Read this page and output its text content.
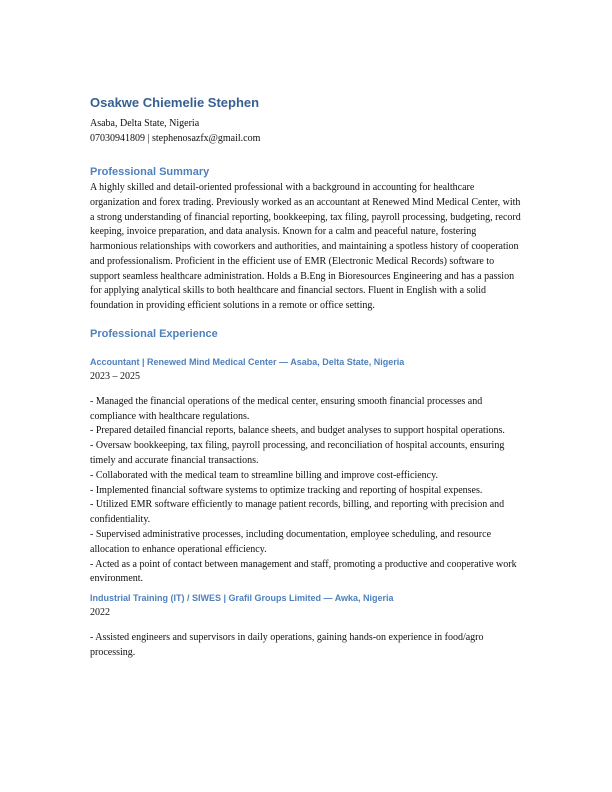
Osakwe Chiemelie Stephen
Asaba, Delta State, Nigeria
07030941809 | stephenosazfx@gmail.com
Professional Summary

A highly skilled and detail-oriented professional with a background in accounting for healthcare organization and forex trading. Previously worked as an accountant at Renewed Mind Medical Center, with a strong understanding of financial reporting, bookkeeping, tax filing, payroll processing, budgeting, record keeping, invoice preparation, and data analysis. Known for a calm and peaceful nature, fostering harmonious relationships with coworkers and authorities, and maintaining a spotless history of cooperation and professionalism. Proficient in the efficient use of EMR (Electronic Medical Records) software to support seamless healthcare administration. Holds a B.Eng in Bioresources Engineering and has a passion for applying analytical skills to both healthcare and financial sectors. Fluent in English with a solid foundation in providing efficient solutions in a remote or office setting.

Professional Experience
Accountant | Renewed Mind Medical Center — Asaba, Delta State, Nigeria
2023 – 2025
- Managed the financial operations of the medical center, ensuring smooth financial processes and compliance with healthcare regulations.
- Prepared detailed financial reports, balance sheets, and budget analyses to support hospital operations.
- Oversaw bookkeeping, tax filing, payroll processing, and reconciliation of hospital accounts, ensuring timely and accurate financial transactions.
- Collaborated with the medical team to streamline billing and improve cost-efficiency.
- Implemented financial software systems to optimize tracking and reporting of hospital expenses.
- Utilized EMR software efficiently to manage patient records, billing, and reporting with precision and confidentiality.
- Supervised administrative processes, including documentation, employee scheduling, and resource allocation to enhance operational efficiency.
- Acted as a point of contact between management and staff, promoting a productive and cooperative work environment.
Industrial Training (IT) / SIWES | Grafil Groups Limited — Awka, Nigeria
2022
- Assisted engineers and supervisors in daily operations, gaining hands-on experience in food/agro processing.
